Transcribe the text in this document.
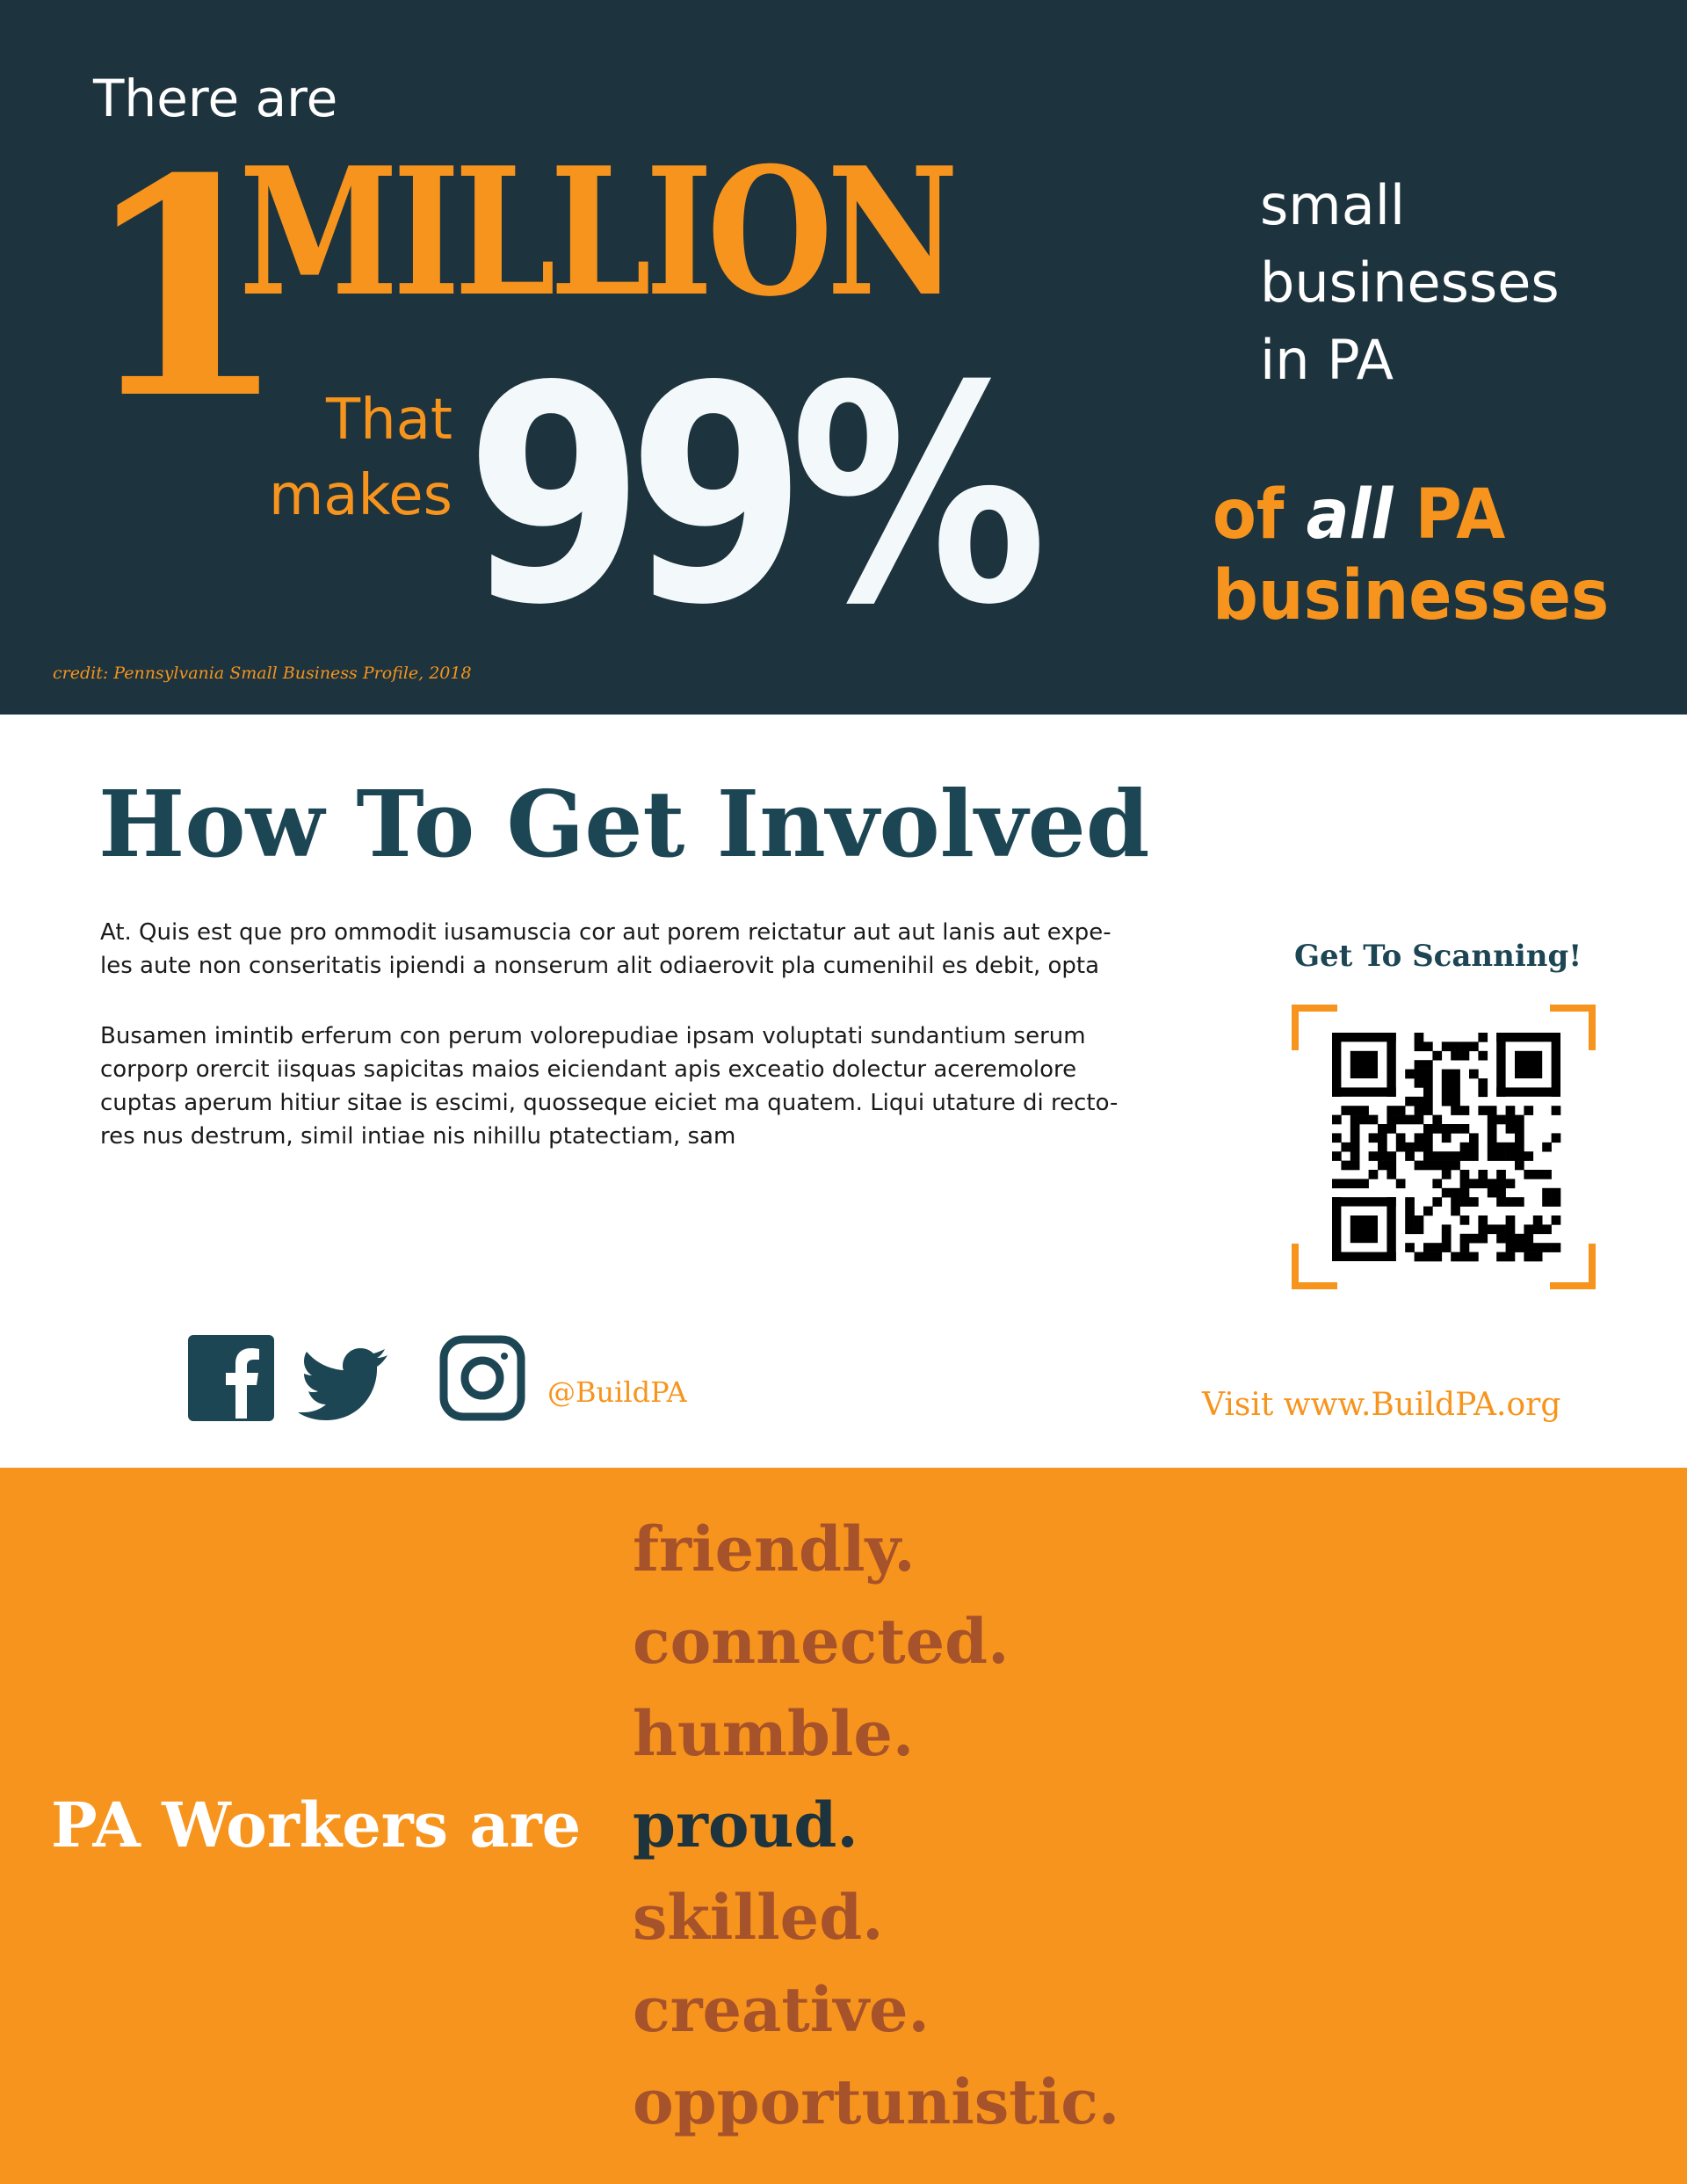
There are

1

MILLION	small
businesses
in PA
That
makes 99%	of all PA
businesses

credit: Pennsylvania Small Business Profile, 2018

How To Get Involved
At. Quis est que pro ommodit iusamuscia cor aut porem reictatur aut aut lanis aut expe-
les aute non conseritatis ipiendi a nonserum alit odiaerovit pla cumenihil es debit, opta
Busamen imintib erferum con perum volorepudiae ipsam voluptati sundantium serum
corporp orercit iisquas sapicitas maios eiciendant apis exceatio dolectur aceremolore
cuptas aperum hitiur sitae is escimi, quosseque eiciet ma quatem. Liqui utature di recto-
res nus destrum, simil intiae nis nihillu ptatectiam, sam

Get To Scanning!

@BuildPA	Visit www.BuildPA.org

PA Workers are

friendly.

connected.

humble.

proud.

skilled.

creative.

opportunistic.
